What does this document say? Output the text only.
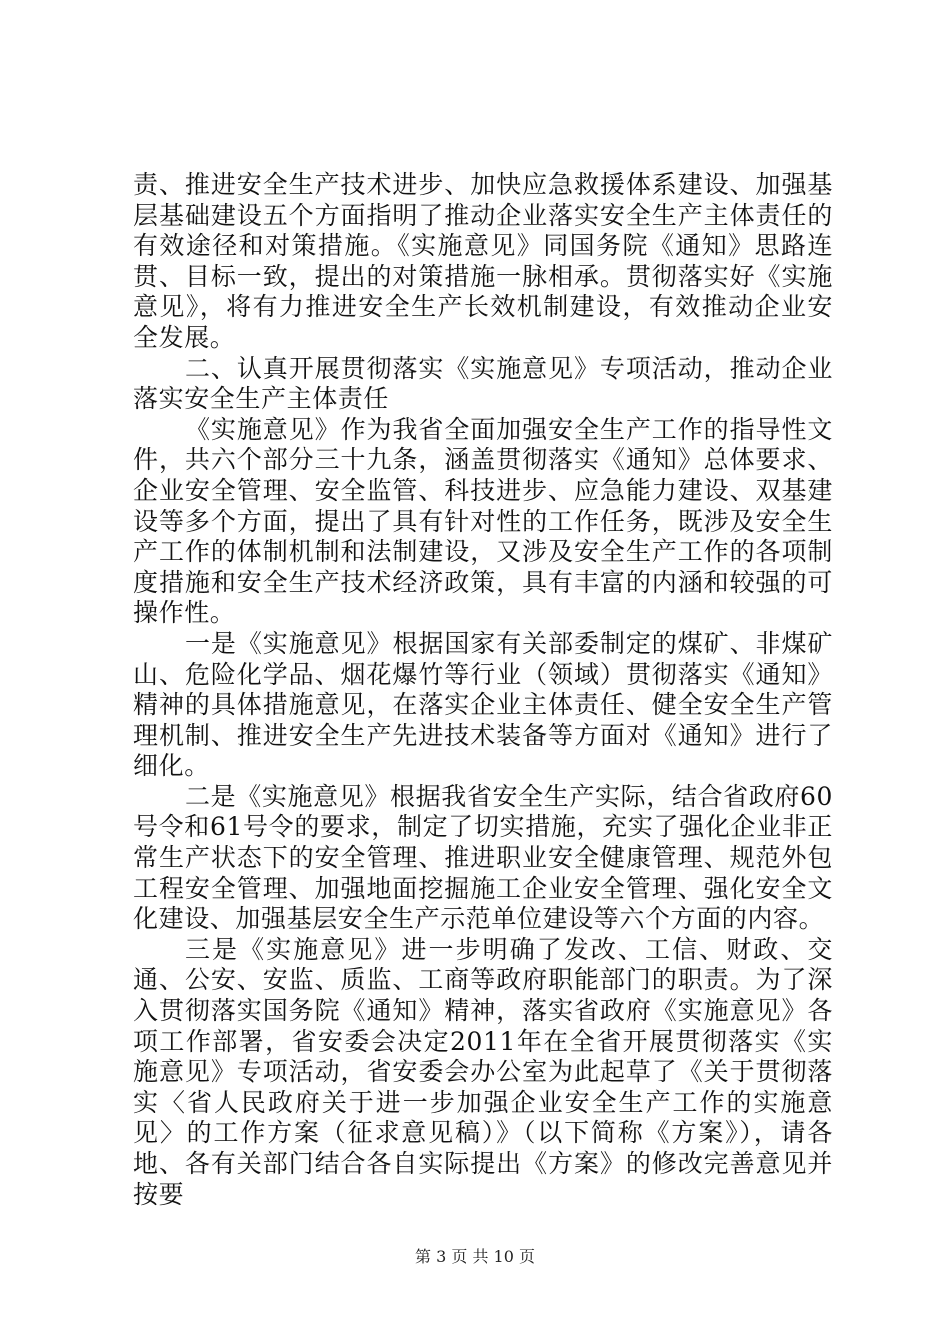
责、推进安全生产技术进步、加快应急救援体系建设、加强基层基础建设五个方面指明了推动企业落实安全生产主体责任的有效途径和对策措施。《实施意见》同国务院《通知》思路连贯、目标一致，提出的对策措施一脉相承。贯彻落实好《实施意见》，将有力推进安全生产长效机制建设，有效推动企业安全发展。

二、认真开展贯彻落实《实施意见》专项活动，推动企业落实安全生产主体责任

《实施意见》作为我省全面加强安全生产工作的指导性文件，共六个部分三十九条，涵盖贯彻落实《通知》总体要求、企业安全管理、安全监管、科技进步、应急能力建设、双基建设等多个方面，提出了具有针对性的工作任务，既涉及安全生产工作的体制机制和法制建设，又涉及安全生产工作的各项制度措施和安全生产技术经济政策，具有丰富的内涵和较强的可操作性。

一是《实施意见》根据国家有关部委制定的煤矿、非煤矿山、危险化学品、烟花爆竹等行业（领域）贯彻落实《通知》精神的具体措施意见，在落实企业主体责任、健全安全生产管理机制、推进安全生产先进技术装备等方面对《通知》进行了细化。

二是《实施意见》根据我省安全生产实际，结合省政府60号令和61号令的要求，制定了切实措施，充实了强化企业非正常生产状态下的安全管理、推进职业安全健康管理、规范外包工程安全管理、加强地面挖掘施工企业安全管理、强化安全文化建设、加强基层安全生产示范单位建设等六个方面的内容。

三是《实施意见》进一步明确了发改、工信、财政、交通、公安、安监、质监、工商等政府职能部门的职责。为了深入贯彻落实国务院《通知》精神，落实省政府《实施意见》各项工作部署，省安委会决定2011年在全省开展贯彻落实《实施意见》专项活动，省安委会办公室为此起草了《关于贯彻落实〈省人民政府关于进一步加强企业安全生产工作的实施意见〉的工作方案（征求意见稿）》（以下简称《方案》），请各地、各有关部门结合各自实际提出《方案》的修改完善意见并按要

第 3 页 共 10 页
